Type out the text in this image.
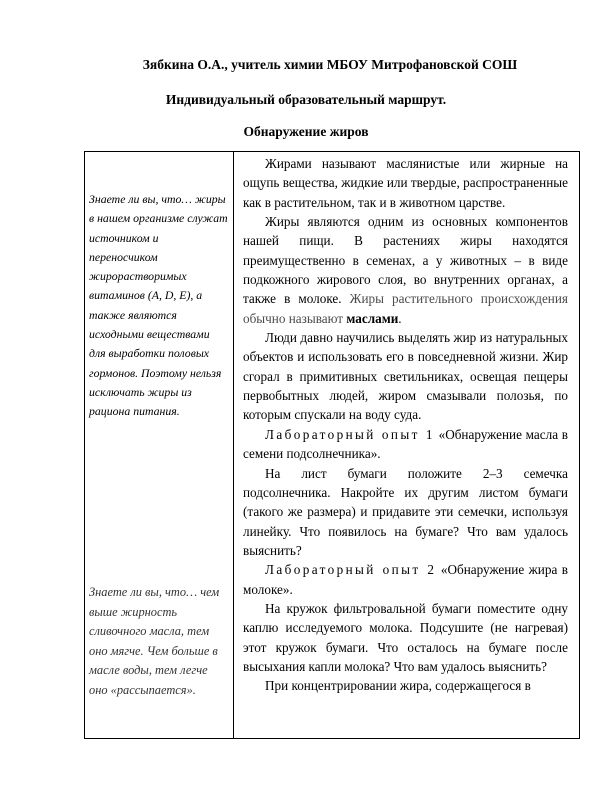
Зябкина О.А., учитель химии МБОУ Митрофановской СОШ
Индивидуальный образовательный маршрут.
Обнаружение жиров
Знаете ли вы, что… жиры в нашем организме служат источником и переносчиком жирорастворимых витаминов (A, D, E), а также являются исходными веществами для выработки половых гормонов. Поэтому нельзя исключать жиры из рациона питания.
Знаете ли вы, что… чем выше жирность сливочного масла, тем оно мягче. Чем больше в масле воды, тем легче оно «рассыпается».

Жирами называют маслянистые или жирные на ощупь вещества, жидкие или твердые, распространенные как в растительном, так и в животном царстве.

Жиры являются одним из основных компонентов нашей пищи. В растениях жиры находятся преимущественно в семенах, а у животных – в виде подкожного жирового слоя, во внутренних органах, а также в молоке. Жиры растительного происхождения обычно называют маслами.

Люди давно научились выделять жир из натуральных объектов и использовать его в повседневной жизни. Жир сгорал в примитивных светильниках, освещая пещеры первобытных людей, жиром смазывали полозья, по которым спускали на воду суда.

Лабораторный опыт 1 «Обнаружение масла в семени подсолнечника».

На лист бумаги положите 2–3 семечка подсолнечника. Накройте их другим листом бумаги (такого же размера) и придавите эти семечки, используя линейку. Что появилось на бумаге? Что вам удалось выяснить?

Лабораторный опыт 2 «Обнаружение жира в молоке».

На кружок фильтровальной бумаги поместите одну каплю исследуемого молока. Подсушите (не нагревая) этот кружок бумаги. Что осталось на бумаге после высыхания капли молока? Что вам удалось выяснить?

При концентрировании жира, содержащегося в
